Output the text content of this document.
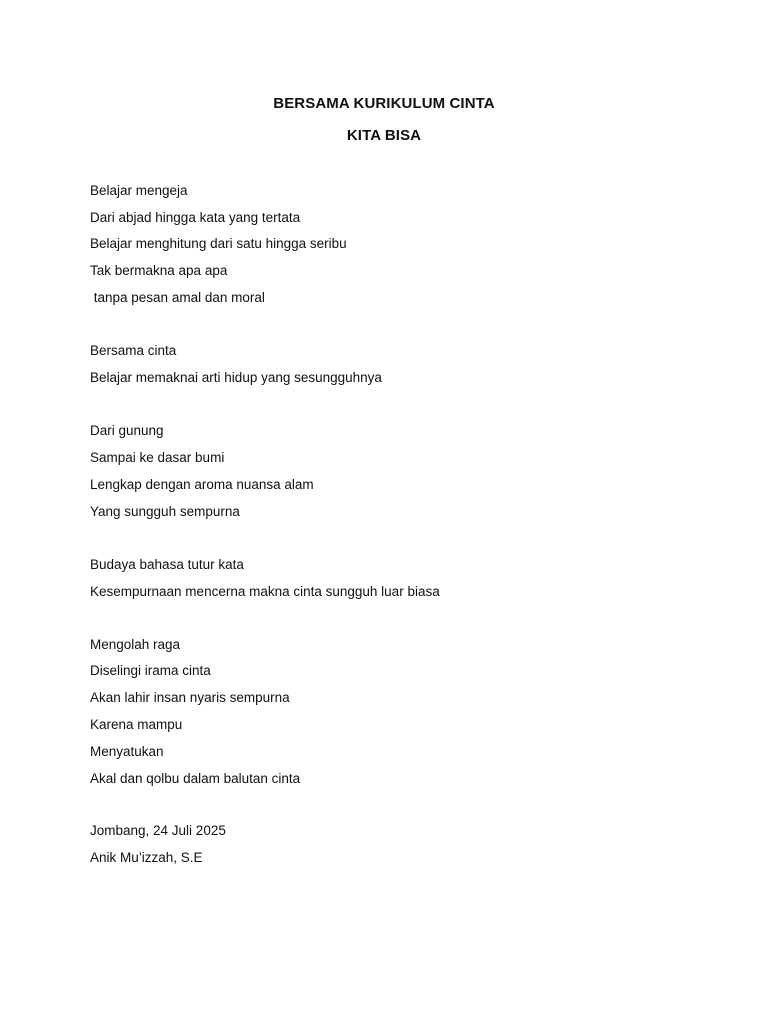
BERSAMA KURIKULUM CINTA
KITA BISA
Belajar mengeja
Dari abjad hingga kata yang tertata
Belajar menghitung dari satu hingga seribu
Tak bermakna apa apa
tanpa pesan amal dan moral
Bersama cinta
Belajar memaknai arti hidup yang sesungguhnya
Dari gunung
Sampai ke dasar bumi
Lengkap dengan aroma nuansa alam
Yang sungguh sempurna
Budaya bahasa tutur kata
Kesempurnaan mencerna makna cinta sungguh luar biasa
Mengolah raga
Diselingi irama cinta
Akan lahir insan nyaris sempurna
Karena mampu
Menyatukan
Akal dan qolbu dalam balutan cinta
Jombang, 24 Juli 2025
Anik Mu’izzah, S.E
